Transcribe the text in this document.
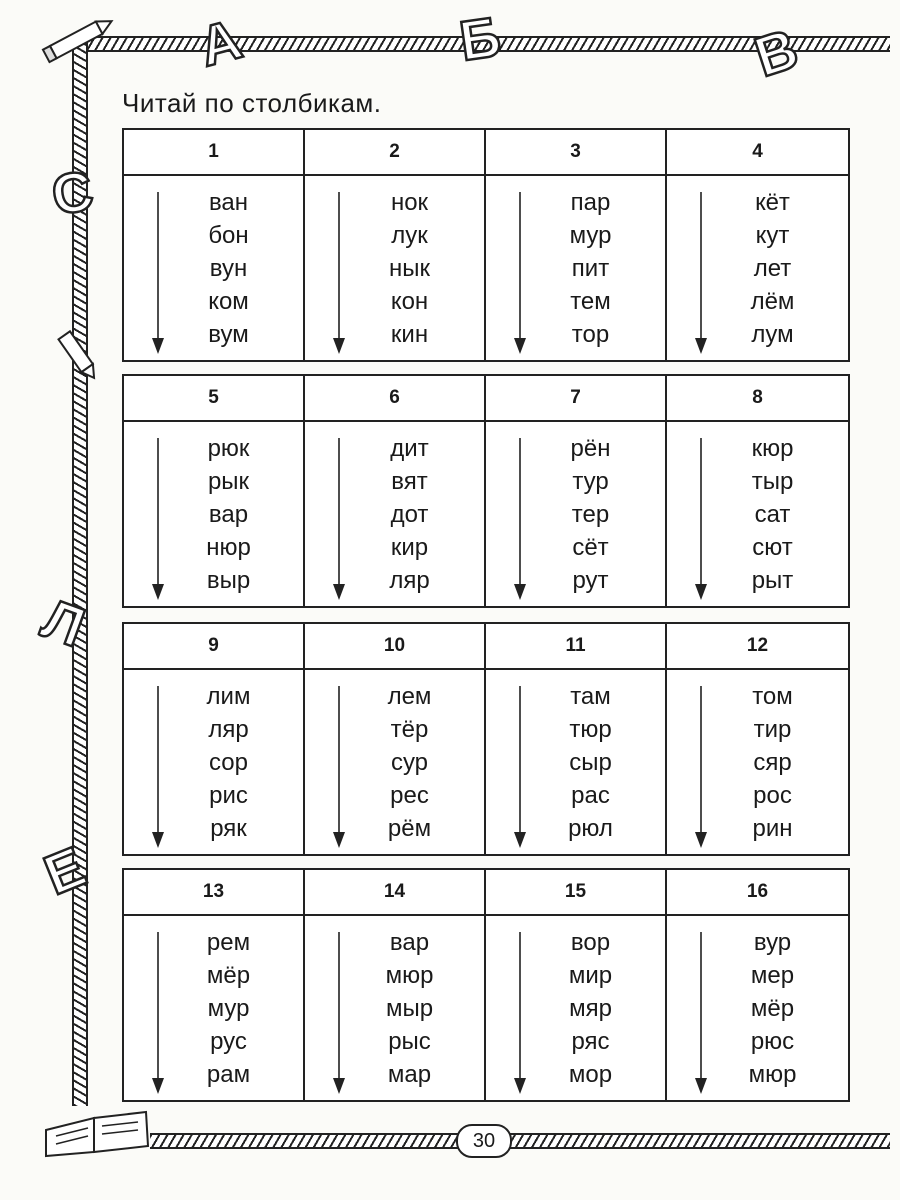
А	Б	В
С
Л
Е
Читай по столбикам.
1
ван
бон
вун
ком
вум
2
нок
лук
нык
кон
кин
3
пар
мур
пит
тем
тор
4
кёт
кут
лет
лём
лум
5
рюк
рык
вар
нюр
выр
6
дит
вят
дот
кир
ляр
7
рён
тур
тер
сёт
рут
8
кюр
тыр
сат
сют
рыт
9
лим
ляр
сор
рис
ряк
10
лем
тёр
сур
рес
рём
11
там
тюр
сыр
рас
рюл
12
том
тир
сяр
рос
рин
13
рем
мёр
мур
рус
рам
14
вар
мюр
мыр
рыс
мар
15
вор
мир
мяр
ряс
мор
16
вур
мер
мёр
рюс
мюр
30
